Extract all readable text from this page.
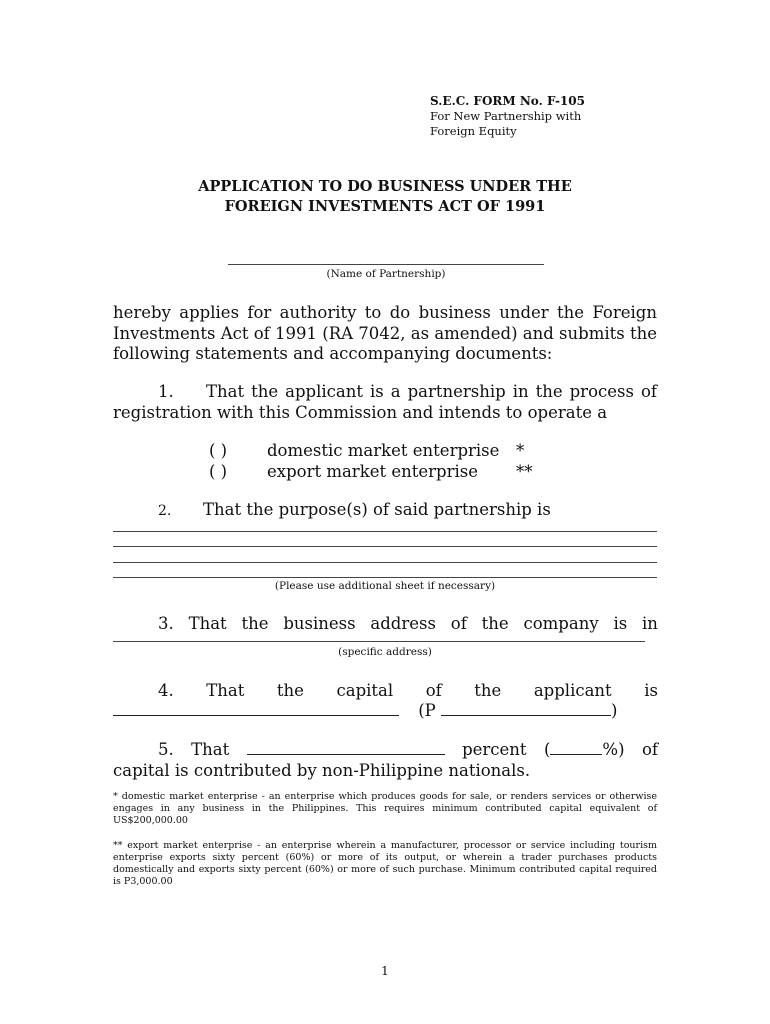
S.E.C. FORM No. F-105
For New Partnership with
Foreign Equity
APPLICATION TO DO BUSINESS UNDER THE
FOREIGN INVESTMENTS ACT OF 1991
(Name of Partnership)
hereby applies for authority to do business under the Foreign
Investments Act of 1991 (RA 7042, as amended) and submits the
following statements and accompanying documents:
1.	That the applicant is a partnership in the process of
registration with this Commission and intends to operate a
( ) domestic market enterprise *
( ) export market enterprise **
2. That the purpose(s) of said partnership is
(Please use additional sheet if necessary)
3. That the business address of the company is in
(specific address)
4. That the capital of the applicant is
(P	)
5. That	percent (	%) of
capital is contributed by non-Philippine nationals.
* domestic market enterprise - an enterprise which produces goods for sale, or renders services or otherwise engages in any business in the Philippines. This requires minimum contributed capital equivalent of US$200,000.00
** export market enterprise - an enterprise wherein a manufacturer, processor or service including tourism enterprise exports sixty percent (60%) or more of its output, or wherein a trader purchases products domestically and exports sixty percent (60%) or more of such purchase. Minimum contributed capital required is P3,000.00
1
